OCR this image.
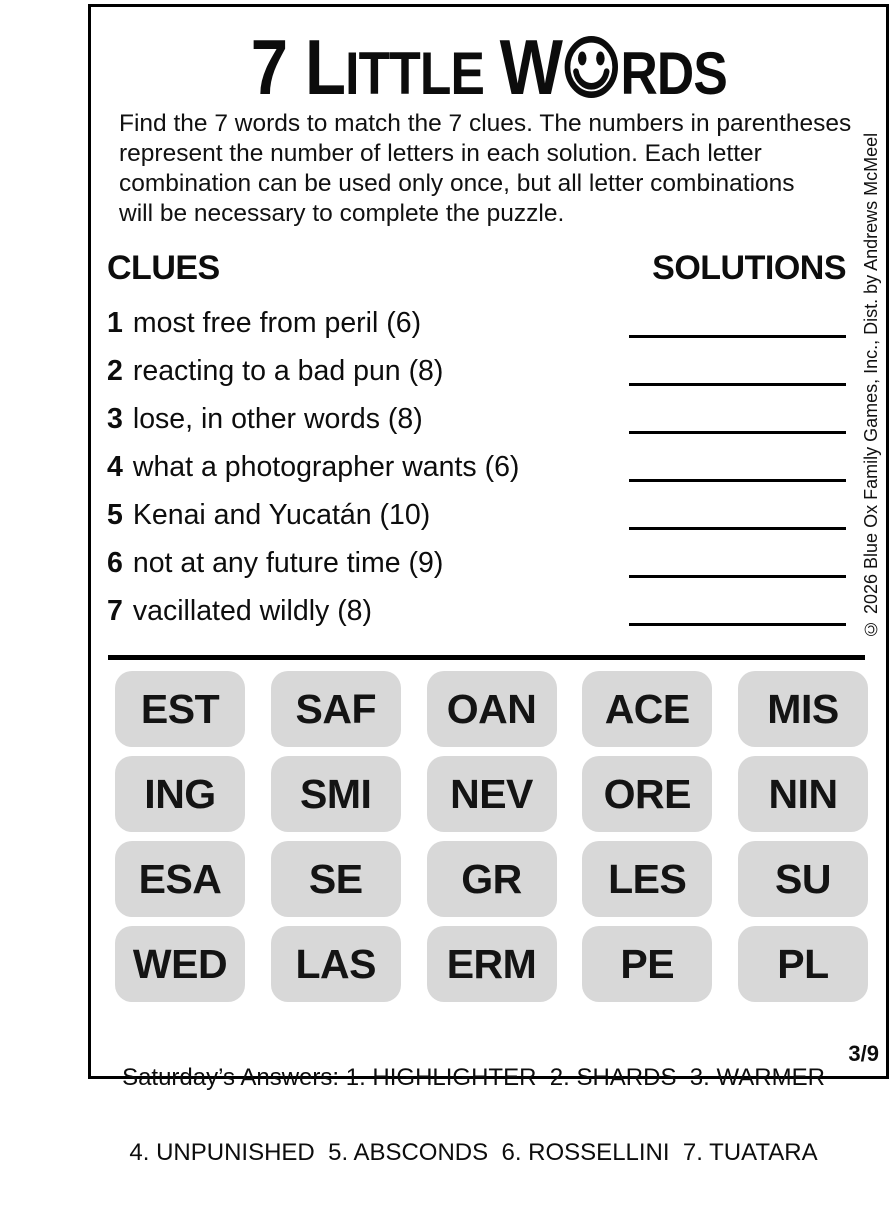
7 LITTLE W RDS
Find the 7 words to match the 7 clues. The numbers in parentheses
represent the number of letters in each solution. Each letter
combination can be used only once, but all letter combinations
will be necessary to complete the puzzle.
CLUES	SOLUTIONS
1 most free from peril (6)
2 reacting to a bad pun (8)
3 lose, in other words (8)
4 what a photographer wants (6)
5 Kenai and Yucatán (10)
6 not at any future time (9)
7 vacillated wildly (8)
EST	SAF	OAN	ACE	MIS
ING	SMI	NEV	ORE	NIN
ESA	SE	GR	LES	SU
WED	LAS	ERM	PE	PL

Saturday’s Answers: 1. HIGHLIGHTER  2. SHARDS  3. WARMER

4. UNPUNISHED  5. ABSCONDS  6. ROSSELLINI  7. TUATARA

3/9
© 2026 Blue Ox Family Games, Inc., Dist. by Andrews McMeel
